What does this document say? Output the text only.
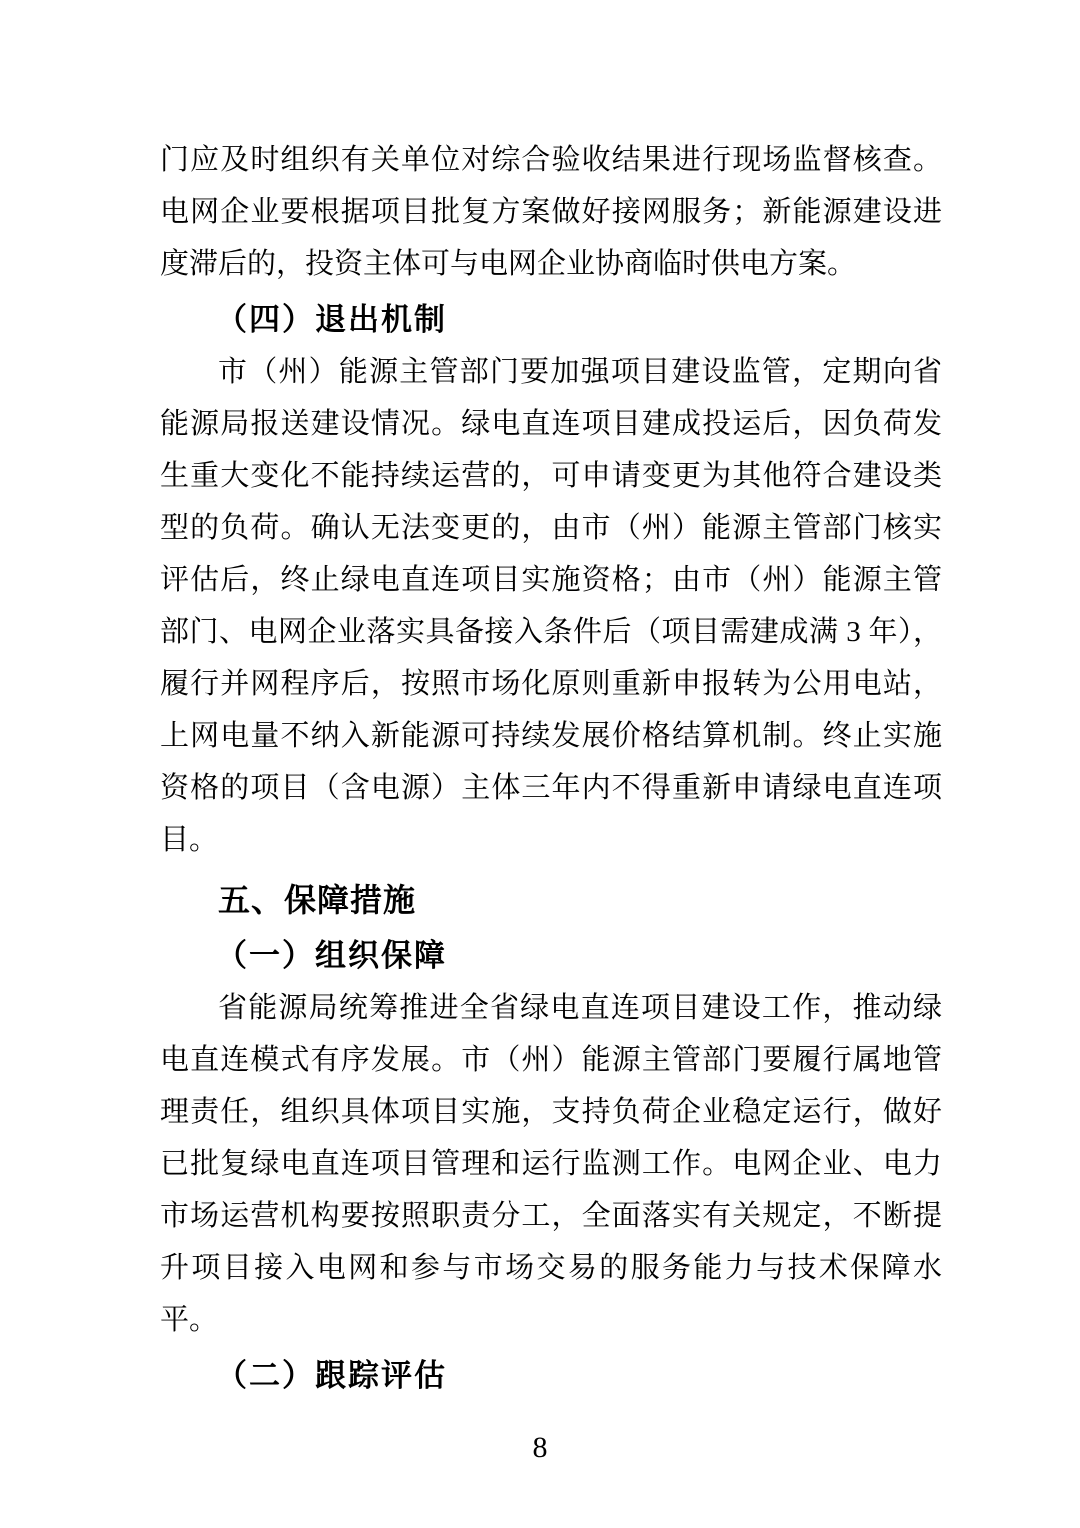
门应及时组织有关单位对综合验收结果进行现场监督核查。
电网企业要根据项目批复方案做好接网服务；新能源建设进
度滞后的，投资主体可与电网企业协商临时供电方案。
（四）退出机制
市（州）能源主管部门要加强项目建设监管，定期向省
能源局报送建设情况。绿电直连项目建成投运后，因负荷发
生重大变化不能持续运营的，可申请变更为其他符合建设类
型的负荷。确认无法变更的，由市（州）能源主管部门核实
评估后，终止绿电直连项目实施资格；由市（州）能源主管
部门、电网企业落实具备接入条件后（项目需建成满 3 年），
履行并网程序后，按照市场化原则重新申报转为公用电站，
上网电量不纳入新能源可持续发展价格结算机制。终止实施
资格的项目（含电源）主体三年内不得重新申请绿电直连项
目。
五、保障措施
（一）组织保障
省能源局统筹推进全省绿电直连项目建设工作，推动绿
电直连模式有序发展。市（州）能源主管部门要履行属地管
理责任，组织具体项目实施，支持负荷企业稳定运行，做好
已批复绿电直连项目管理和运行监测工作。电网企业、电力
市场运营机构要按照职责分工，全面落实有关规定，不断提
升项目接入电网和参与市场交易的服务能力与技术保障水
平。
（二）跟踪评估
8
